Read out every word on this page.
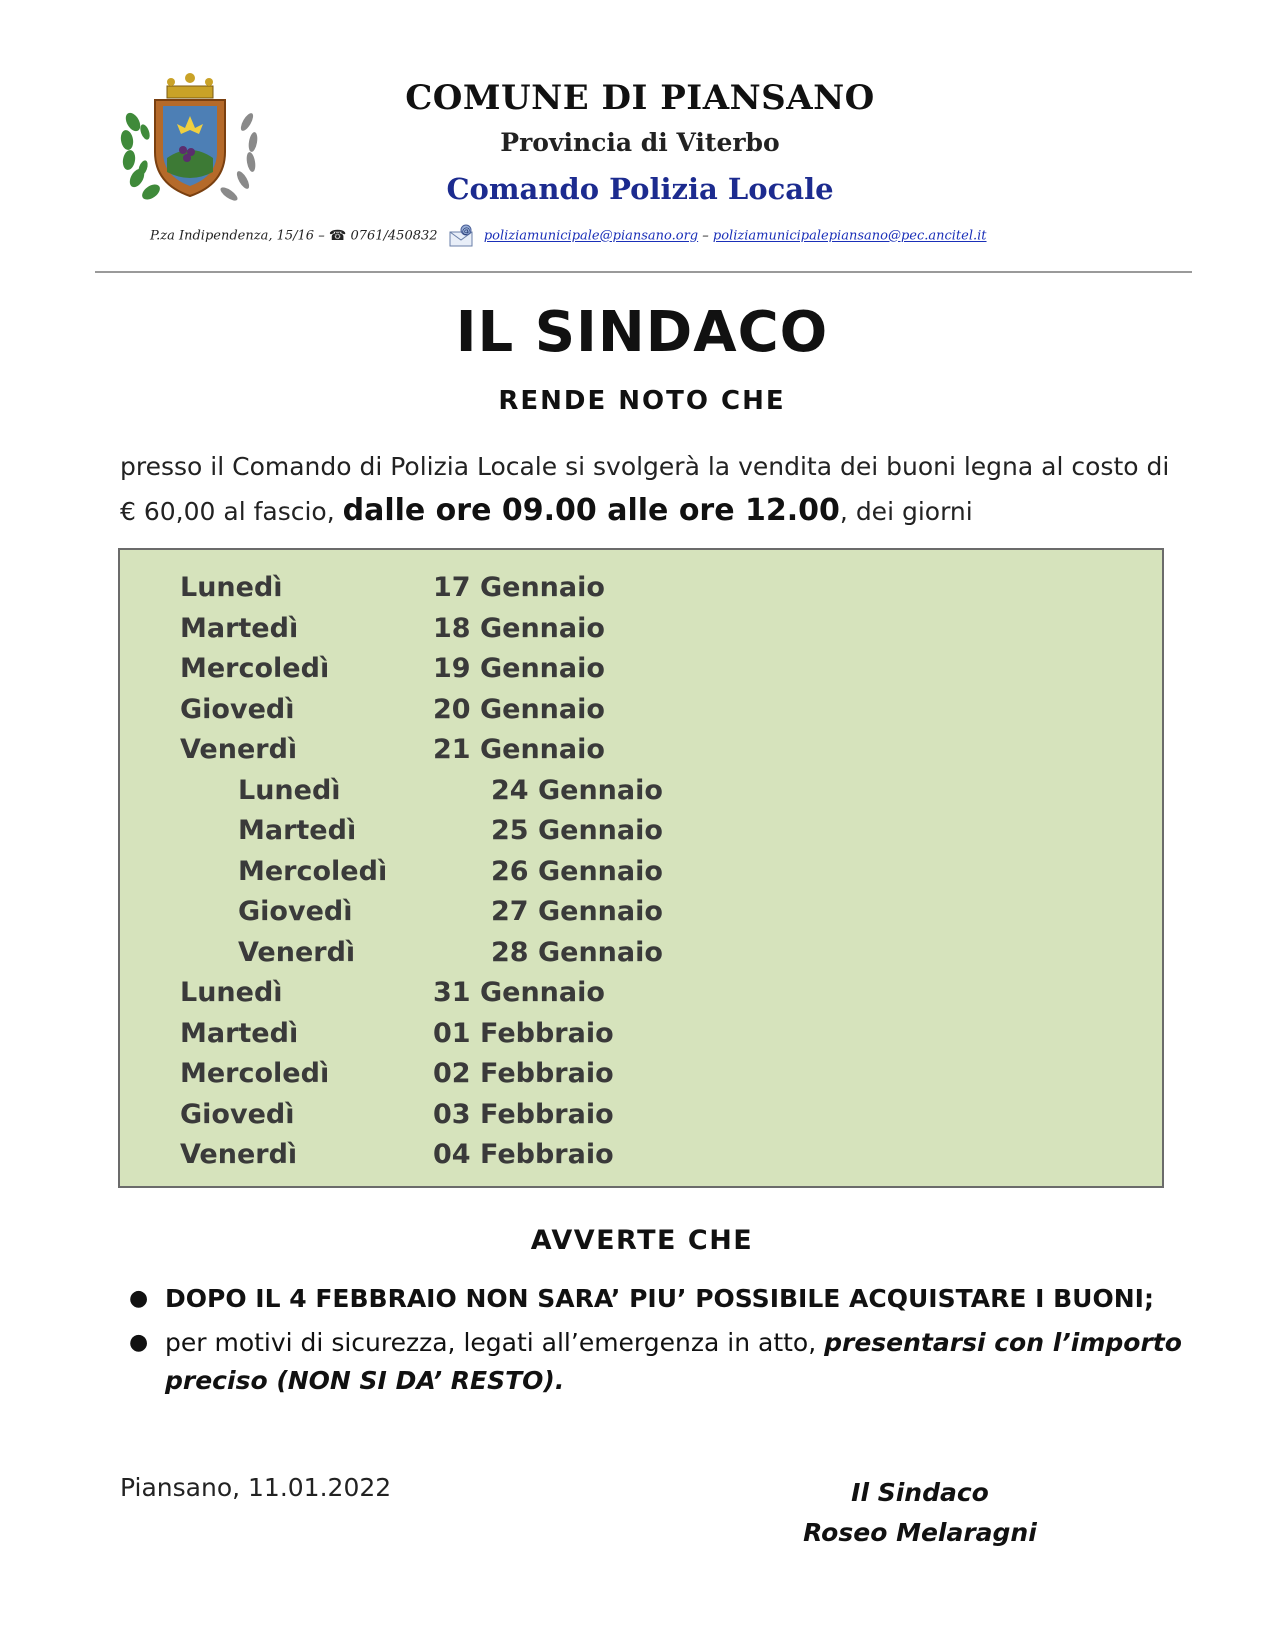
COMUNE DI PIANSANO
Provincia di Viterbo
Comando Polizia Locale
P.za Indipendenza, 15/16 – ☎ 0761/450832	@ poliziamunicipale@piansano.org – poliziamunicipalepiansano@pec.ancitel.it
IL SINDACO
RENDE NOTO CHE
presso il Comando di Polizia Locale si svolgerà la vendita dei buoni legna al costo di € 60,00 al fascio, dalle ore 09.00 alle ore 12.00, dei giorni
Lunedì	17 Gennaio
Martedì	18 Gennaio
Mercoledì	19 Gennaio
Giovedì	20 Gennaio
Venerdì	21 Gennaio
Lunedì	24 Gennaio
Martedì	25 Gennaio
Mercoledì	26 Gennaio
Giovedì	27 Gennaio
Venerdì	28 Gennaio
Lunedì	31 Gennaio
Martedì	01 Febbraio
Mercoledì	02 Febbraio
Giovedì	03 Febbraio
Venerdì	04 Febbraio
AVVERTE CHE
● DOPO IL 4 FEBBRAIO NON SARA’ PIU’ POSSIBILE ACQUISTARE I BUONI;
● per motivi di sicurezza, legati all’emergenza in atto, presentarsi con l’importo preciso (NON SI DA’ RESTO).
Piansano, 11.01.2022	Il Sindaco
Roseo Melaragni
